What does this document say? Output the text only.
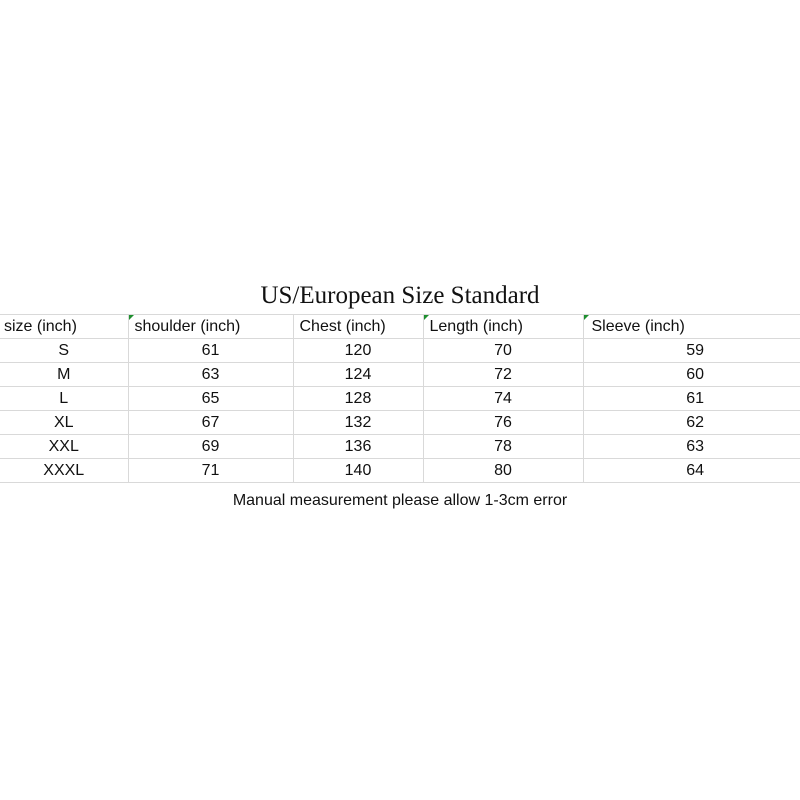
US/European Size Standard
size (inch)	shoulder (inch)	Chest (inch)	Length (inch)	Sleeve (inch)
S	61	120	70	59
M	63	124	72	60
L	65	128	74	61
XL	67	132	76	62
XXL	69	136	78	63
XXXL	71	140	80	64
Manual measurement please allow 1-3cm error
